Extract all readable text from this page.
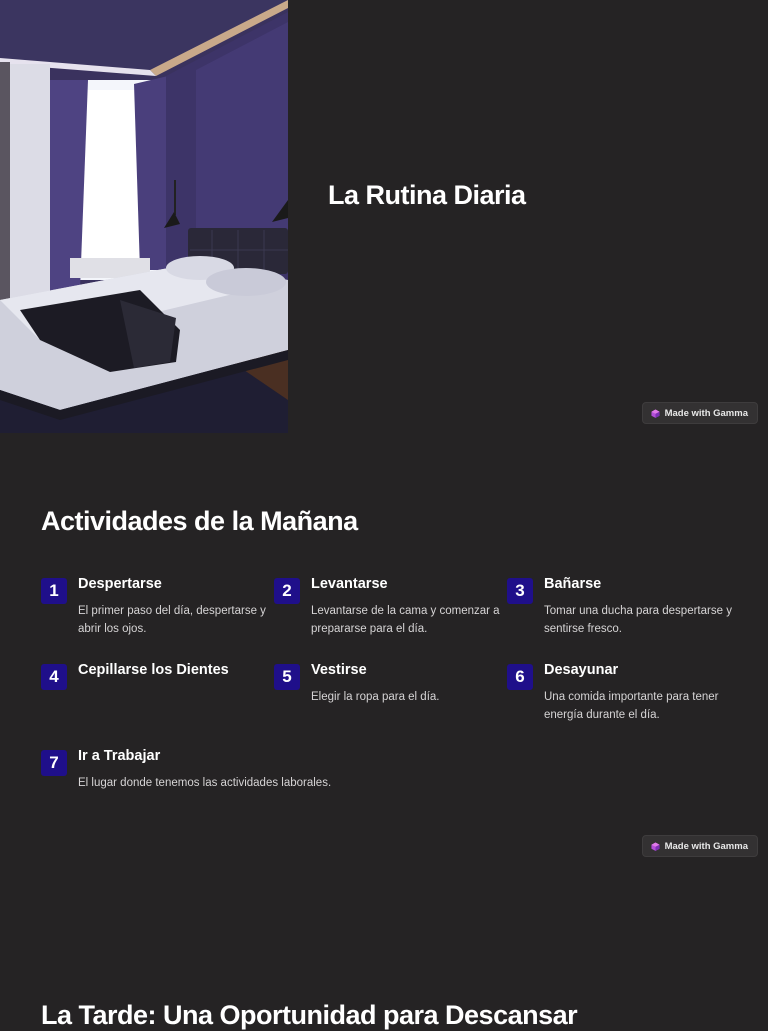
La Rutina Diaria
Made with Gamma
Actividades de la Mañana
1	Despertarse
El primer paso del día, despertarse y abrir los ojos.
2	Levantarse
Levantarse de la cama y comenzar a prepararse para el día.
3	Bañarse
Tomar una ducha para despertarse y sentirse fresco.
4	Cepillarse los Dientes	5	Vestirse
Elegir la ropa para el día.
6	Desayunar
Una comida importante para tener energía durante el día.
7	Ir a Trabajar
El lugar donde tenemos las actividades laborales.
Made with Gamma
La Tarde: Una Oportunidad para Descansar
